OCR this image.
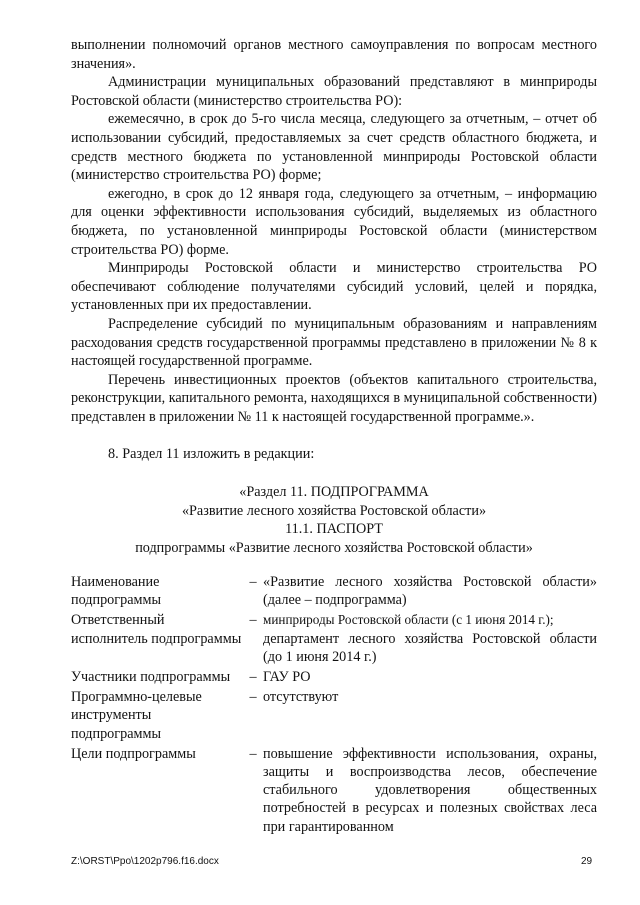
выполнении полномочий органов местного самоуправления по вопросам местного значения».

Администрации муниципальных образований представляют в минприроды Ростовской области (министерство строительства РО):

ежемесячно, в срок до 5-го числа месяца, следующего за отчетным, – отчет об использовании субсидий, предоставляемых за счет средств областного бюджета, и средств местного бюджета по установленной минприроды Ростовской области (министерство строительства РО) форме;

ежегодно, в срок до 12 января года, следующего за отчетным, – информацию для оценки эффективности использования субсидий, выделяемых из областного бюджета, по установленной минприроды Ростовской области (министерством строительства РО) форме.

Минприроды Ростовской области и министерство строительства РО обеспечивают соблюдение получателями субсидий условий, целей и порядка, установленных при их предоставлении.

Распределение субсидий по муниципальным образованиям и направлениям расходования средств государственной программы представлено в приложении № 8 к настоящей государственной программе.

Перечень инвестиционных проектов (объектов капитального строительства, реконструкции, капитального ремонта, находящихся в муниципальной собственности) представлен в приложении № 11 к настоящей государственной программе.».

8. Раздел 11 изложить в редакции:

«Раздел 11. ПОДПРОГРАММА

«Развитие лесного хозяйства Ростовской области»

11.1. ПАСПОРТ

подпрограммы «Развитие лесного хозяйства Ростовской области»

Наименование подпрограммы	–	«Развитие лесного хозяйства Ростовской области» (далее – подпрограмма)
Ответственный исполнитель подпрограммы	–	минприроды Ростовской области (с 1 июня 2014 г.);
департамент лесного хозяйства Ростовской области (до 1 июня 2014 г.)

Участники подпрограммы	–	ГАУ РО
Программно-целевые инструменты подпрограммы	–	отсутствуют
Цели подпрограммы	–	повышение эффективности использования, охраны, защиты и воспроизводства лесов, обеспечение стабильного удовлетворения общественных потребностей в ресурсах и полезных свойствах леса при гарантированном
Z:\ORST\Ppo\1202p796.f16.docx	29
